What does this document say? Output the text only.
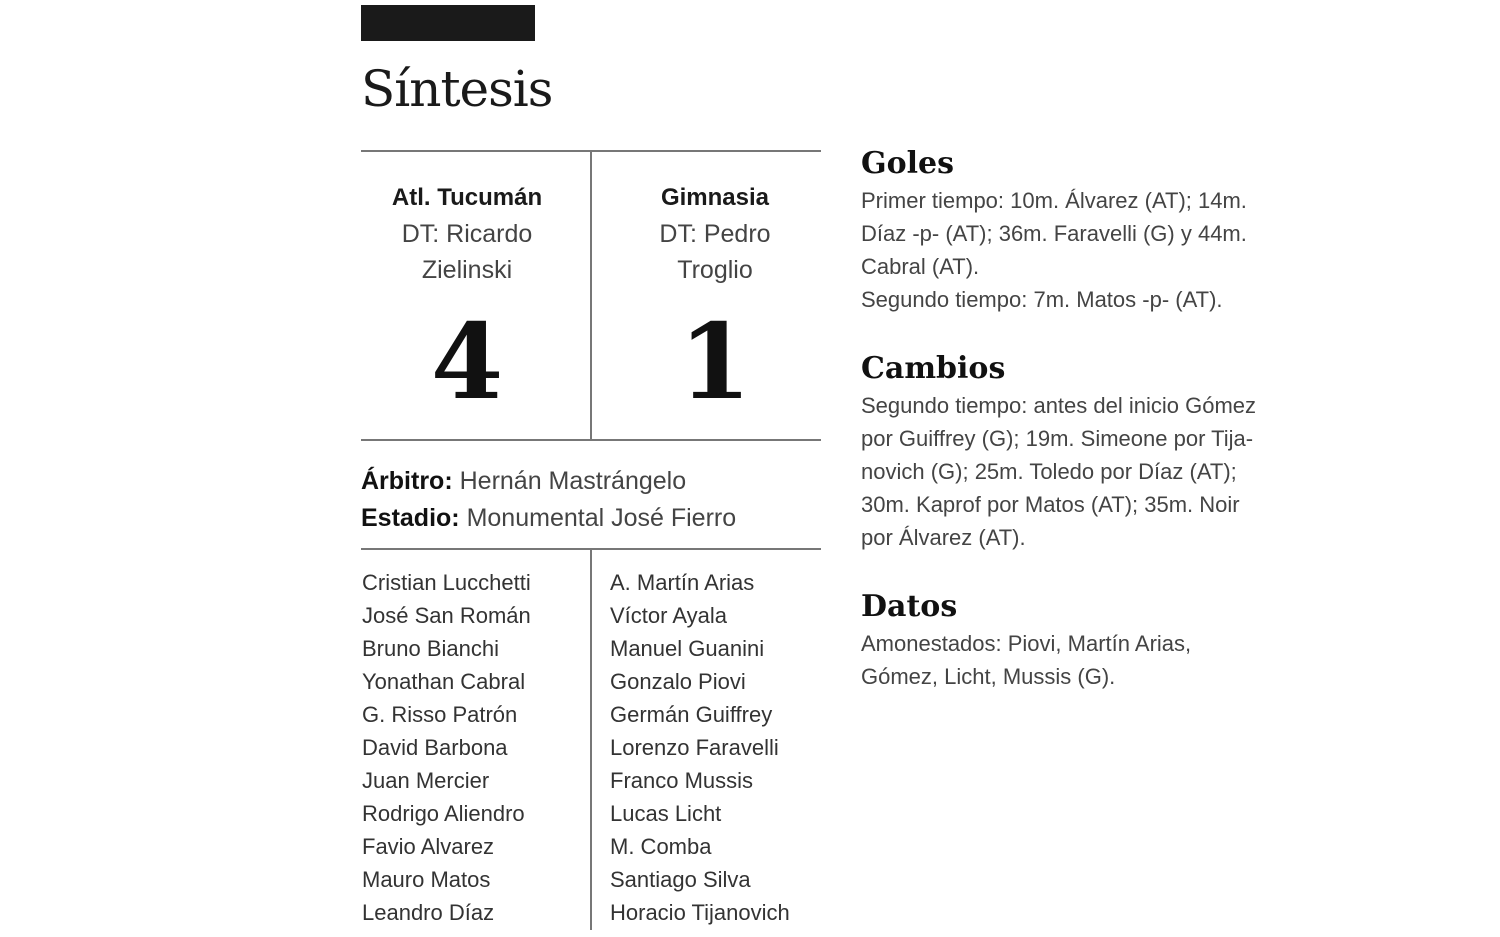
Síntesis
Atl. Tucumán
DT: Ricardo
Zielinski
4
Gimnasia
DT: Pedro
Troglio
1
Árbitro: Hernán Mastrángelo
Estadio: Monumental José Fierro
Cristian Lucchetti
José San Román
Bruno Bianchi
Yonathan Cabral
G. Risso Patrón
David Barbona
Juan Mercier
Rodrigo Aliendro
Favio Alvarez
Mauro Matos
Leandro Díaz
A. Martín Arias
Víctor Ayala
Manuel Guanini
Gonzalo Piovi
Germán Guiffrey
Lorenzo Faravelli
Franco Mussis
Lucas Licht
M. Comba
Santiago Silva
Horacio Tijanovich
Goles

Primer tiempo: 10m. Álvarez (AT); 14m.

Díaz -p- (AT); 36m. Faravelli (G) y 44m.

Cabral (AT).

Segundo tiempo: 7m. Matos -p- (AT).

Cambios

Segundo tiempo: antes del inicio Gómez

por Guiffrey (G); 19m. Simeone por Tija-

novich (G); 25m. Toledo por Díaz (AT);

30m. Kaprof por Matos (AT); 35m. Noir

por Álvarez (AT).

Datos

Amonestados: Piovi, Martín Arias,

Gómez, Licht, Mussis (G).
